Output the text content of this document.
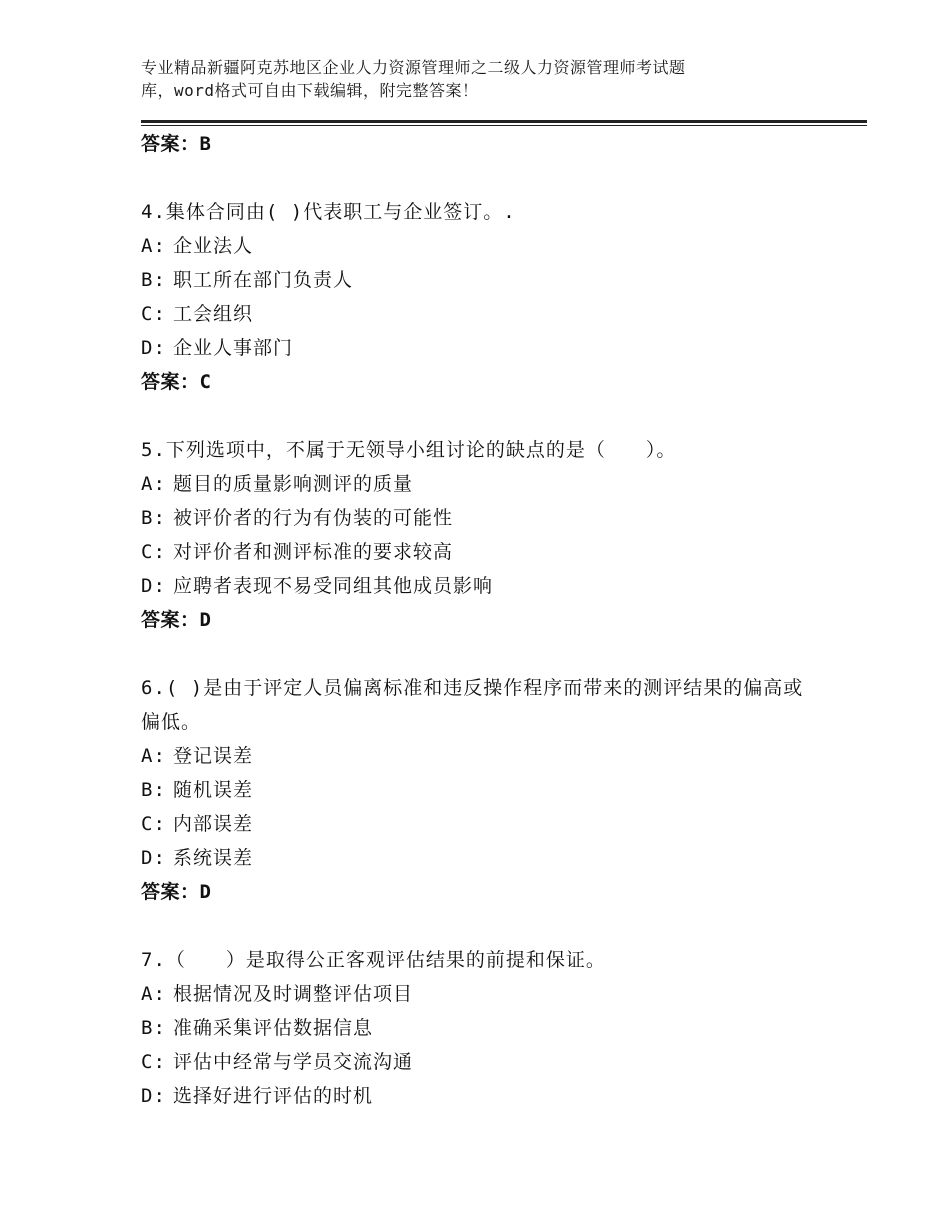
专业精品新疆阿克苏地区企业人力资源管理师之二级人力资源管理师考试题
库，word格式可自由下载编辑，附完整答案！
答案：B
4.集体合同由( )代表职工与企业签订。.
A: 企业法人
B: 职工所在部门负责人
C: 工会组织
D: 企业人事部门
答案：C
5.下列选项中，不属于无领导小组讨论的缺点的是（　　）。
A: 题目的质量影响测评的质量
B: 被评价者的行为有伪装的可能性
C: 对评价者和测评标准的要求较高
D: 应聘者表现不易受同组其他成员影响
答案：D
6.( )是由于评定人员偏离标准和违反操作程序而带来的测评结果的偏高或偏低。
A: 登记误差
B: 随机误差
C: 内部误差
D: 系统误差
答案：D
7.（　　）是取得公正客观评估结果的前提和保证。
A: 根据情况及时调整评估项目
B: 准确采集评估数据信息
C: 评估中经常与学员交流沟通
D: 选择好进行评估的时机
